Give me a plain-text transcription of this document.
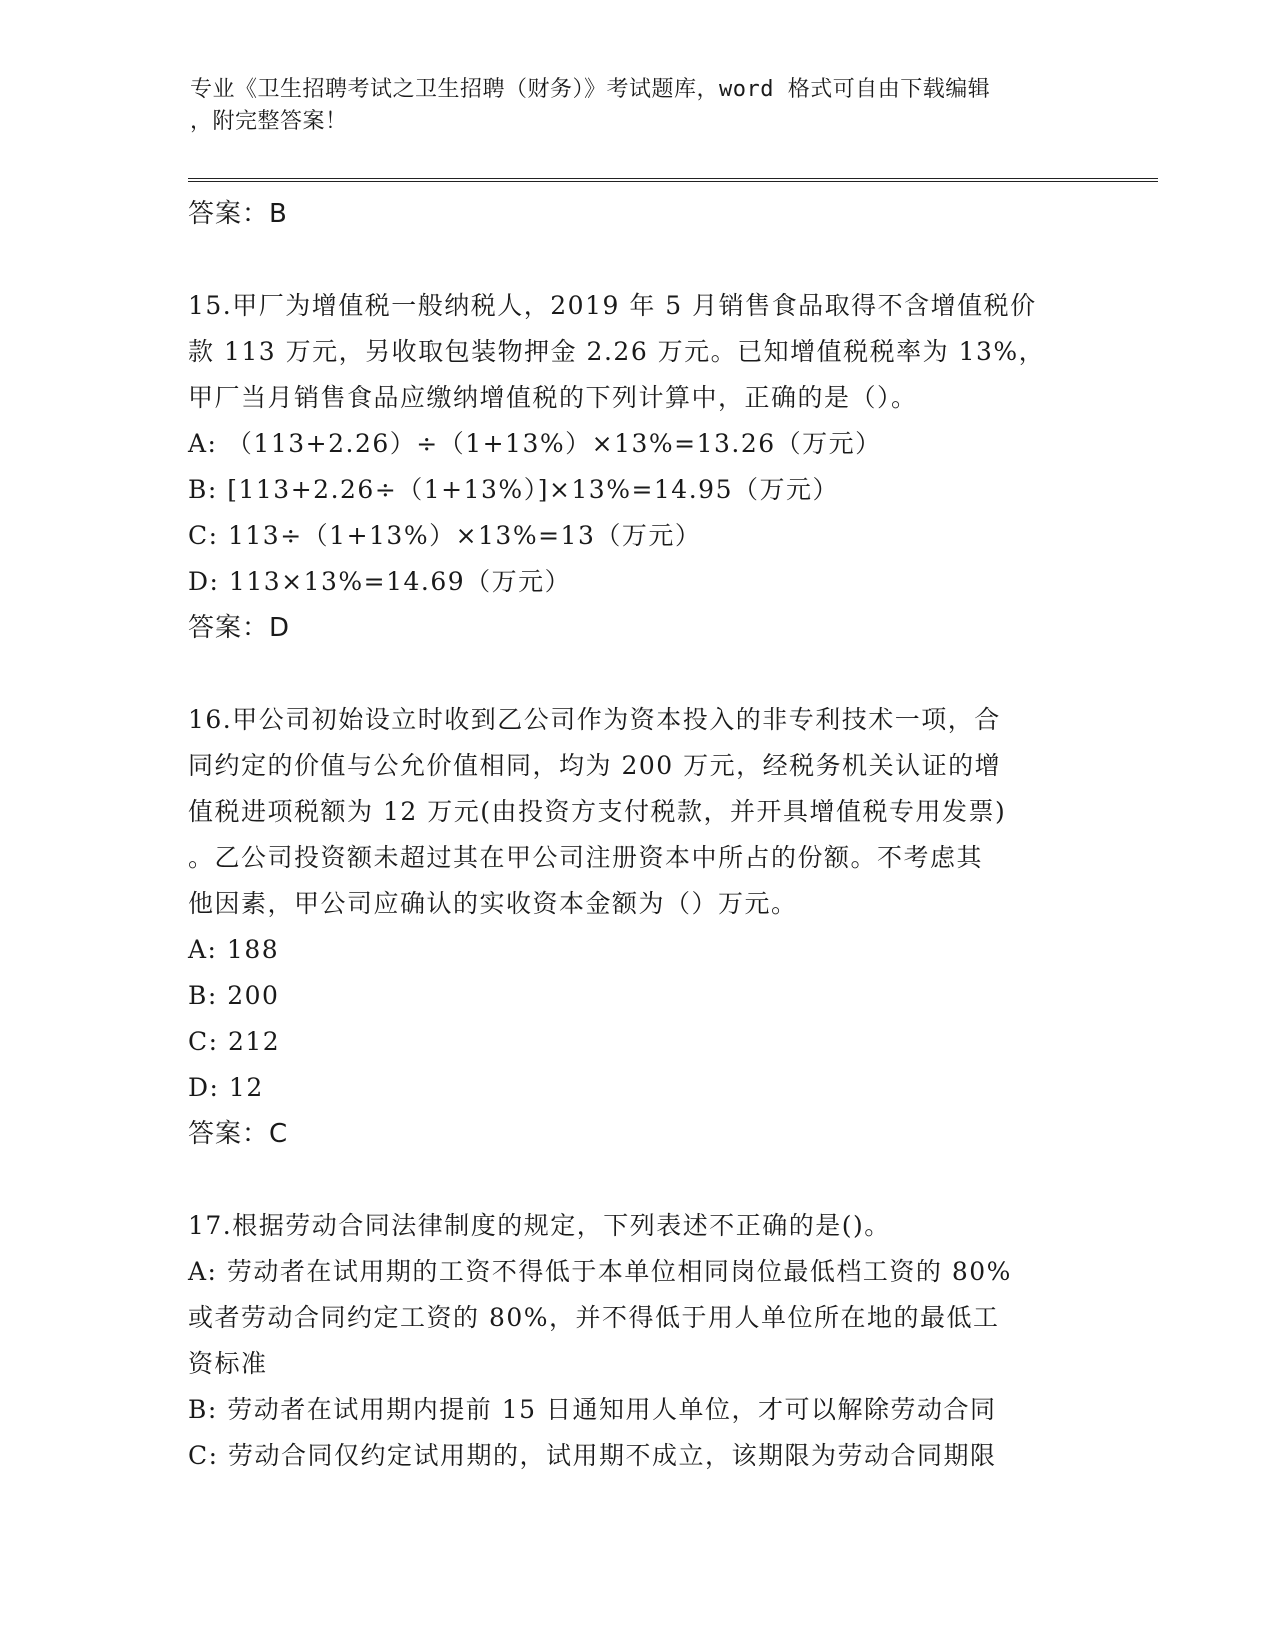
专业《卫生招聘考试之卫生招聘（财务）》考试题库，word 格式可自由下载编辑
，附完整答案！
答案：B
15.甲厂为增值税一般纳税人，2019 年 5 月销售食品取得不含增值税价
款 113 万元，另收取包装物押金 2.26 万元。已知增值税税率为 13%，
甲厂当月销售食品应缴纳增值税的下列计算中，正确的是（）。
A: （113+2.26）÷（1+13%）×13%=13.26（万元）
B: [113+2.26÷（1+13%）]×13%=14.95（万元）
C: 113÷（1+13%）×13%=13（万元）
D: 113×13%=14.69（万元）
答案：D
16.甲公司初始设立时收到乙公司作为资本投入的非专利技术一项，合
同约定的价值与公允价值相同，均为 200 万元，经税务机关认证的增
值税进项税额为 12 万元(由投资方支付税款，并开具增值税专用发票)
。乙公司投资额未超过其在甲公司注册资本中所占的份额。不考虑其
他因素，甲公司应确认的实收资本金额为（）万元。
A: 188
B: 200
C: 212
D: 12
答案：C
17.根据劳动合同法律制度的规定，下列表述不正确的是()。
A: 劳动者在试用期的工资不得低于本单位相同岗位最低档工资的 80%
或者劳动合同约定工资的 80%，并不得低于用人单位所在地的最低工
资标准
B: 劳动者在试用期内提前 15 日通知用人单位，才可以解除劳动合同
C: 劳动合同仅约定试用期的，试用期不成立，该期限为劳动合同期限
